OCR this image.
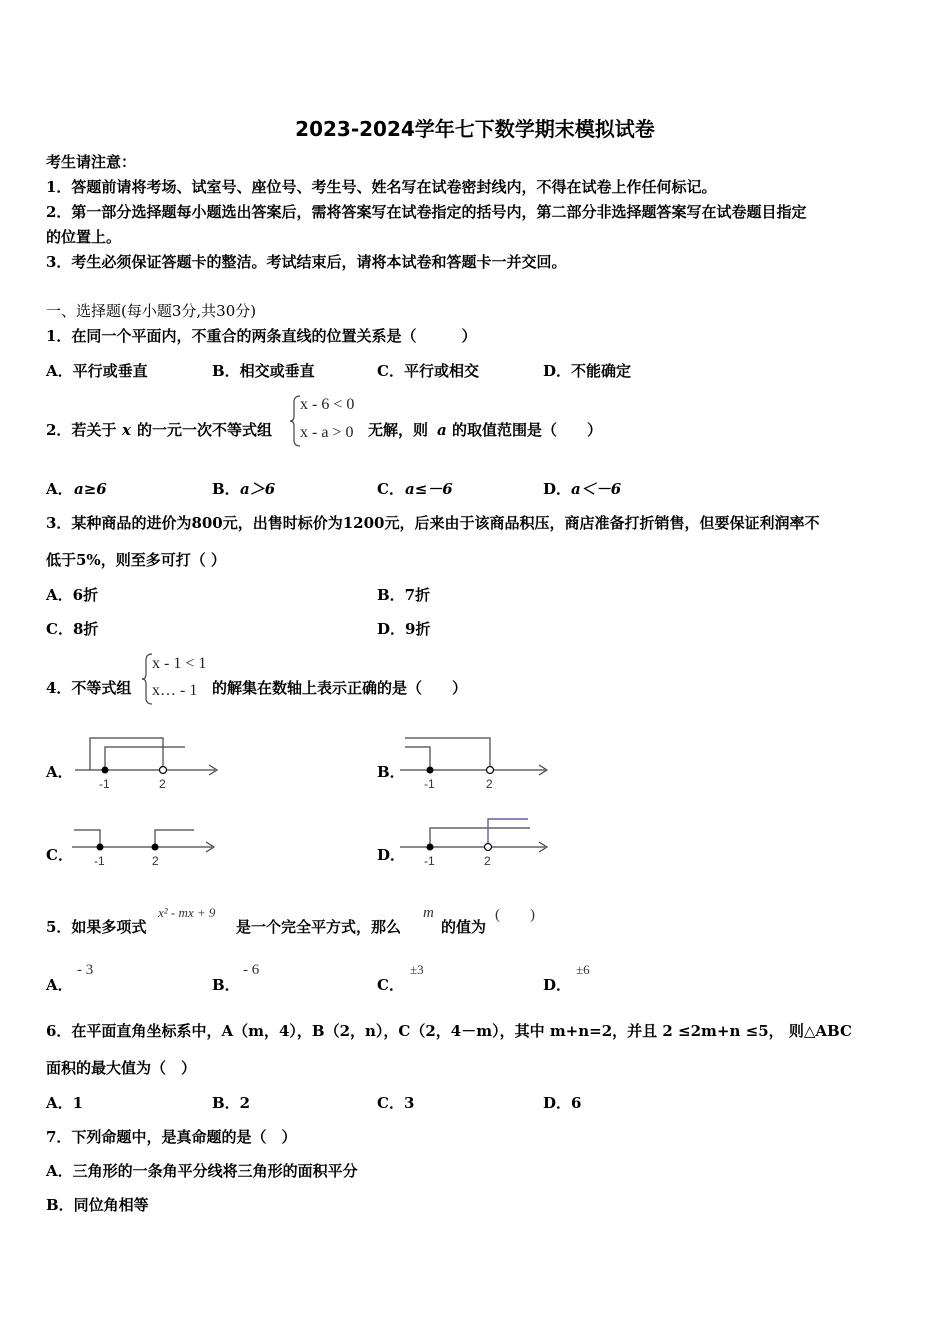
2023-2024学年七下数学期末模拟试卷
考生请注意：
1．答题前请将考场、试室号、座位号、考生号、姓名写在试卷密封线内，不得在试卷上作任何标记。
2．第一部分选择题每小题选出答案后，需将答案写在试卷指定的括号内，第二部分非选择题答案写在试卷题目指定
的位置上。
3．考生必须保证答题卡的整洁。考试结束后，请将本试卷和答题卡一并交回。
一、选择题(每小题3分,共30分)
1．在同一个平面内，不重合的两条直线的位置关系是（　　　）
A．平行或垂直	B．相交或垂直	C．平行或相交	D．不能确定
2．若关于 x 的一元一次不等式组
x - 6 < 0
x - a > 0 无解，则 a 的取值范围是（　　）
A． a≥6	B． a＞6	C． a≤－6	D． a＜－6
3．某种商品的进价为800元，出售时标价为1200元，后来由于该商品积压，商店准备打折销售，但要保证利润率不
低于5%，则至多可打（ ）
A．6折	B．7折
C．8折	D．9折
4．不等式组
x - 1 < 1
x… - 1 的解集在数轴上表示正确的是（　　）
A．
-1	2
B．
-1	2
C． -1	2	D． -1	2
5．如果多项式
x² - mx + 9
是一个完全平方式，那么
m
的值为
(　　)
A．
- 3
B．
- 6
C．
±3
D．
±6
6．在平面直角坐标系中，A（m，4），B（2，n），C（2，4－m），其中 m+n=2，并且 2 ≤2m+n ≤5， 则△ABC
面积的最大值为（　）
A．1	B．2	C．3	D．6
7．下列命题中，是真命题的是（　）
A．三角形的一条角平分线将三角形的面积平分
B．同位角相等
